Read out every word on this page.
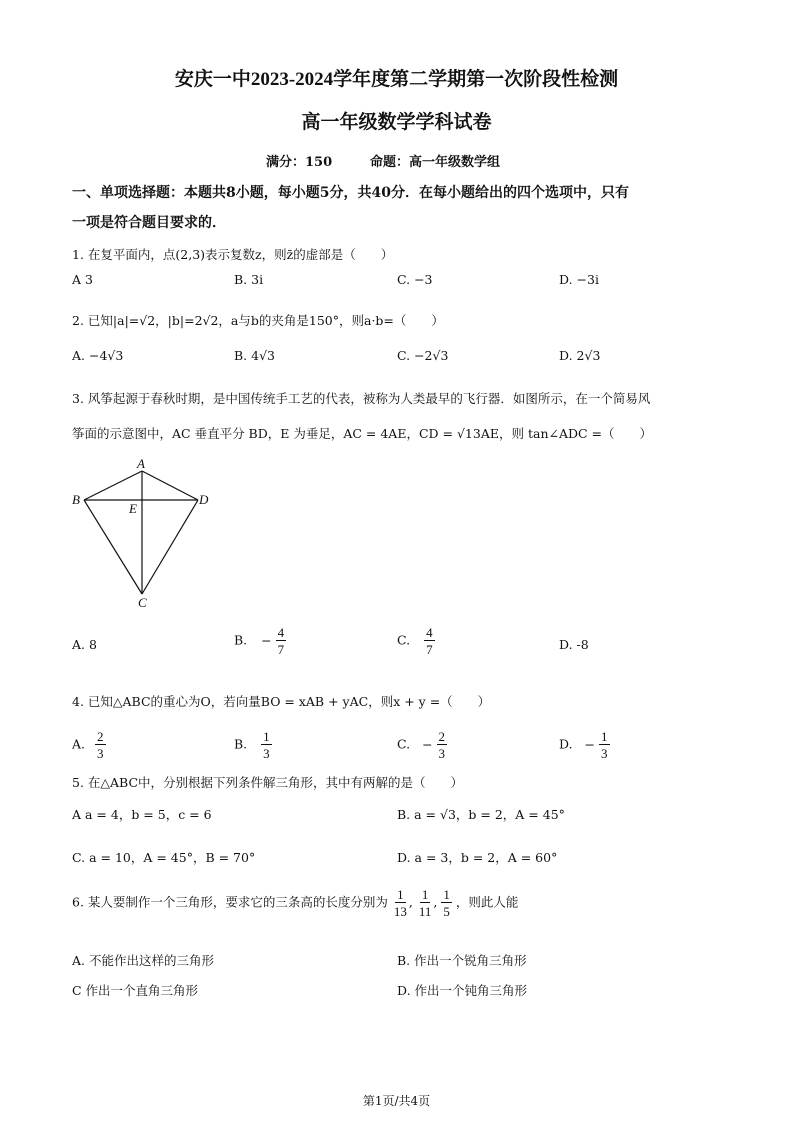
安庆一中2023-2024学年度第二学期第一次阶段性检测
高一年级数学学科试卷
满分：150	命题：高一年级数学组
一、单项选择题：本题共8小题，每小题5分，共40分．在每小题给出的四个选项中，只有
一项是符合题目要求的．
1. 在复平面内，点(2,3)表示复数z，则z̄的虚部是（　　）
A 3	B. 3i	C. −3	D. −3i
2. 已知|a|=√2，|b|=2√2，a与b的夹角是150°，则a·b=（　　）
A. −4√3	B. 4√3	C. −2√3	D. 2√3
3. 风筝起源于春秋时期，是中国传统手工艺的代表，被称为人类最早的飞行器．如图所示，在一个简易风
筝面的示意图中，AC 垂直平分 BD，E 为垂足，AC = 4AE，CD = √13AE，则 tan∠ADC =（　　）
A
B	D
E
C
A. 8	B. − $\frac{4}{7}$	C. $\frac{4}{7}$	D. -8
4. 已知△ABC的重心为O，若向量BO = xAB + yAC，则x + y =（　　）
A. $\frac{2}{3}$	B. $\frac{1}{3}$	C. − $\frac{2}{3}$	D. − $\frac{1}{3}$
5. 在△ABC中，分别根据下列条件解三角形，其中有两解的是（　　）
A a = 4，b = 5，c = 6	B. a = √3，b = 2，A = 45°
C. a = 10，A = 45°，B = 70°	D. a = 3，b = 2，A = 60°
6. 某人要制作一个三角形，要求它的三条高的长度分别为 $\frac{1}{13}$ , $\frac{1}{11}$ , $\frac{1}{5}$ ，则此人能
A. 不能作出这样的三角形	B. 作出一个锐角三角形
C 作出一个直角三角形	D. 作出一个钝角三角形
第1页/共4页
